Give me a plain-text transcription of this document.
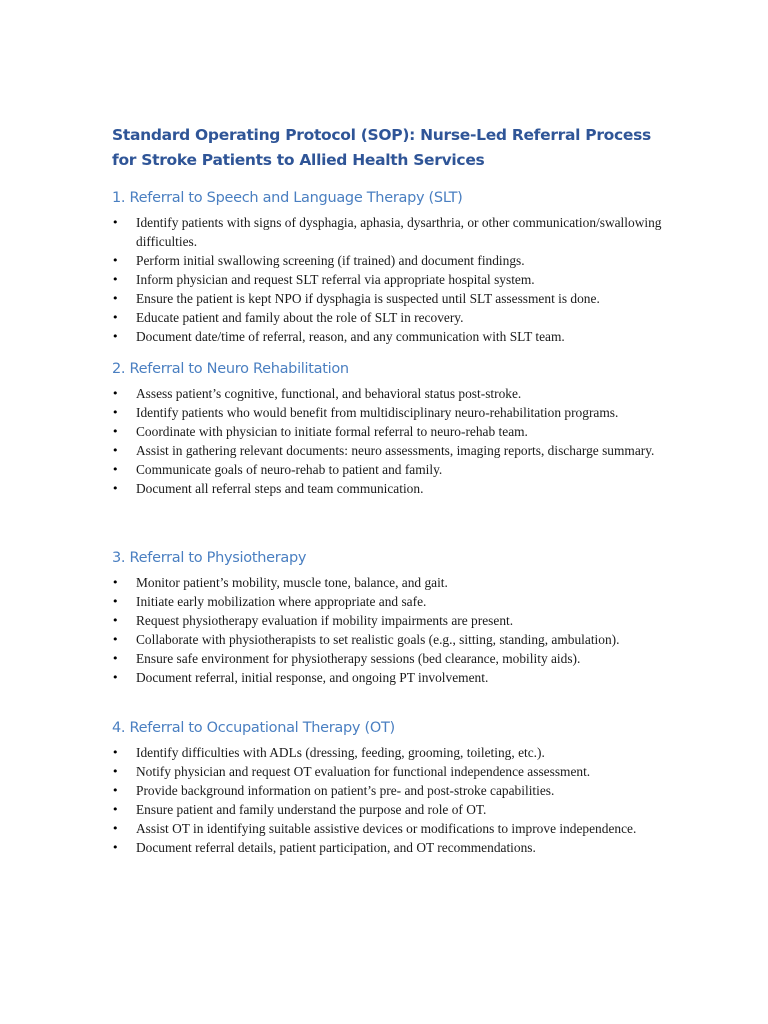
Standard Operating Protocol (SOP): Nurse-Led Referral Process for Stroke Patients to Allied Health Services
1. Referral to Speech and Language Therapy (SLT)
• Identify patients with signs of dysphagia, aphasia, dysarthria, or other communication/swallowing difficulties.
• Perform initial swallowing screening (if trained) and document findings.
• Inform physician and request SLT referral via appropriate hospital system.
• Ensure the patient is kept NPO if dysphagia is suspected until SLT assessment is done.
• Educate patient and family about the role of SLT in recovery.
• Document date/time of referral, reason, and any communication with SLT team.
2. Referral to Neuro Rehabilitation
• Assess patient’s cognitive, functional, and behavioral status post-stroke.
• Identify patients who would benefit from multidisciplinary neuro-rehabilitation programs.
• Coordinate with physician to initiate formal referral to neuro-rehab team.
• Assist in gathering relevant documents: neuro assessments, imaging reports, discharge summary.
• Communicate goals of neuro-rehab to patient and family.
• Document all referral steps and team communication.
3. Referral to Physiotherapy
• Monitor patient’s mobility, muscle tone, balance, and gait.
• Initiate early mobilization where appropriate and safe.
• Request physiotherapy evaluation if mobility impairments are present.
• Collaborate with physiotherapists to set realistic goals (e.g., sitting, standing, ambulation).
• Ensure safe environment for physiotherapy sessions (bed clearance, mobility aids).
• Document referral, initial response, and ongoing PT involvement.
4. Referral to Occupational Therapy (OT)
• Identify difficulties with ADLs (dressing, feeding, grooming, toileting, etc.).
• Notify physician and request OT evaluation for functional independence assessment.
• Provide background information on patient’s pre- and post-stroke capabilities.
• Ensure patient and family understand the purpose and role of OT.
• Assist OT in identifying suitable assistive devices or modifications to improve independence.
• Document referral details, patient participation, and OT recommendations.
